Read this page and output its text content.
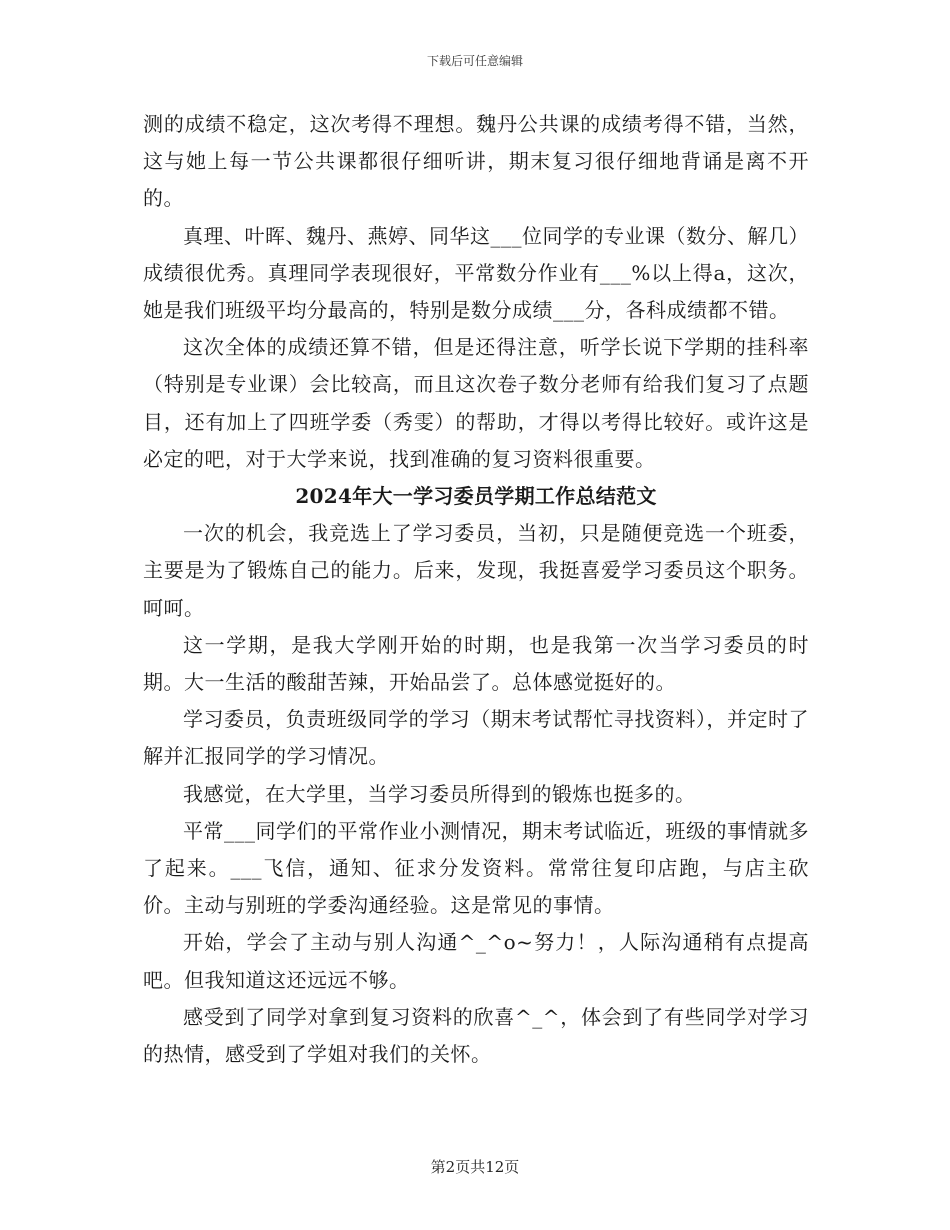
下载后可任意编辑

测的成绩不稳定，这次考得不理想。魏丹公共课的成绩考得不错，当然，这与她上每一节公共课都很仔细听讲，期末复习很仔细地背诵是离不开的。

真理、叶晖、魏丹、燕婷、同华这___位同学的专业课（数分、解几）成绩很优秀。真理同学表现很好，平常数分作业有___%以上得a，这次，她是我们班级平均分最高的，特别是数分成绩___分，各科成绩都不错。

这次全体的成绩还算不错，但是还得注意，听学长说下学期的挂科率（特别是专业课）会比较高，而且这次卷子数分老师有给我们复习了点题目，还有加上了四班学委（秀雯）的帮助，才得以考得比较好。或许这是必定的吧，对于大学来说，找到准确的复习资料很重要。

2024年大一学习委员学期工作总结范文

一次的机会，我竞选上了学习委员，当初，只是随便竞选一个班委，主要是为了锻炼自己的能力。后来，发现，我挺喜爱学习委员这个职务。呵呵。

这一学期，是我大学刚开始的时期，也是我第一次当学习委员的时期。大一生活的酸甜苦辣，开始品尝了。总体感觉挺好的。

学习委员，负责班级同学的学习（期末考试帮忙寻找资料），并定时了解并汇报同学的学习情况。

我感觉，在大学里，当学习委员所得到的锻炼也挺多的。

平常___同学们的平常作业小测情况，期末考试临近，班级的事情就多了起来。___飞信，通知、征求分发资料。常常往复印店跑，与店主砍价。主动与别班的学委沟通经验。这是常见的事情。

开始，学会了主动与别人沟通^_^o~努力！，人际沟通稍有点提高吧。但我知道这还远远不够。

感受到了同学对拿到复习资料的欣喜^_^，体会到了有些同学对学习的热情，感受到了学姐对我们的关怀。

第2页共12页
